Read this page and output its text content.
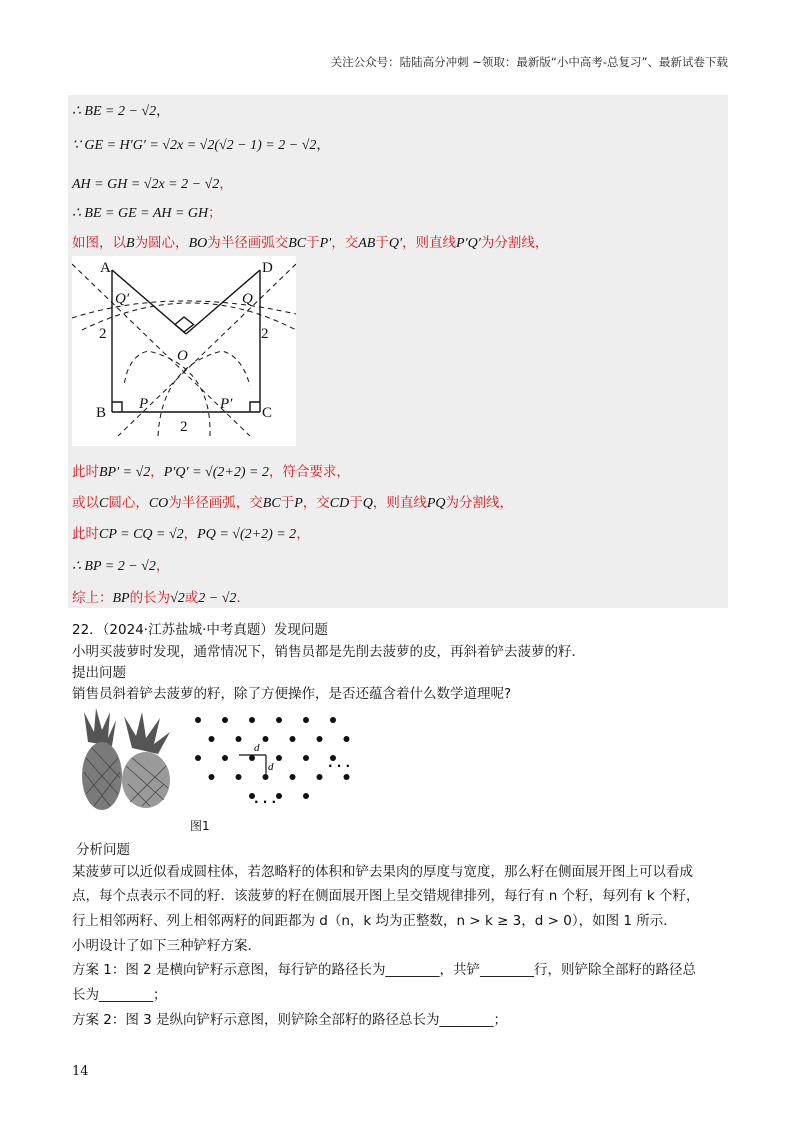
关注公众号：陆陆高分冲刺 ~领取：最新版“小中高考-总复习”、最新试卷下载
∴ BE = 2 − √2，
∵ GE = H′G′ = √2x = √2(√2 − 1) = 2 − √2，
AH = GH = √2x = 2 − √2，
∴ BE = GE = AH = GH；
如图，以B为圆心，BO为半径画弧交BC于P′，交AB于Q′，则直线P′Q′为分割线，
A	D
Q′	Q
O
2	2
B
P	P′
C
2
此时BP′ = √2，P′Q′ = √(2+2) = 2，符合要求，
或以C圆心，CO为半径画弧，交BC于P，交CD于Q，则直线PQ为分割线，
此时CP = CQ = √2，PQ = √(2+2) = 2，
∴ BP = 2 − √2，
综上：BP的长为√2或2 − √2．
22．（2024·江苏盐城·中考真题）发现问题
小明买菠萝时发现，通常情况下，销售员都是先削去菠萝的皮，再斜着铲去菠萝的籽．
提出问题
销售员斜着铲去菠萝的籽，除了方便操作，是否还蕴含着什么数学道理呢?
d
d	· · ·
· · ·
图1
分析问题
某菠萝可以近似看成圆柱体，若忽略籽的体积和铲去果肉的厚度与宽度，那么籽在侧面展开图上可以看成
点，每个点表示不同的籽．该菠萝的籽在侧面展开图上呈交错规律排列，每行有 n 个籽，每列有 k 个籽，
行上相邻两籽、列上相邻两籽的间距都为 d（n，k 均为正整数，n > k ≥ 3，d > 0），如图 1 所示．
小明设计了如下三种铲籽方案．
方案 1：图 2 是横向铲籽示意图，每行铲的路径长为________，共铲________行，则铲除全部籽的路径总
长为________；
方案 2：图 3 是纵向铲籽示意图，则铲除全部籽的路径总长为________；
14
